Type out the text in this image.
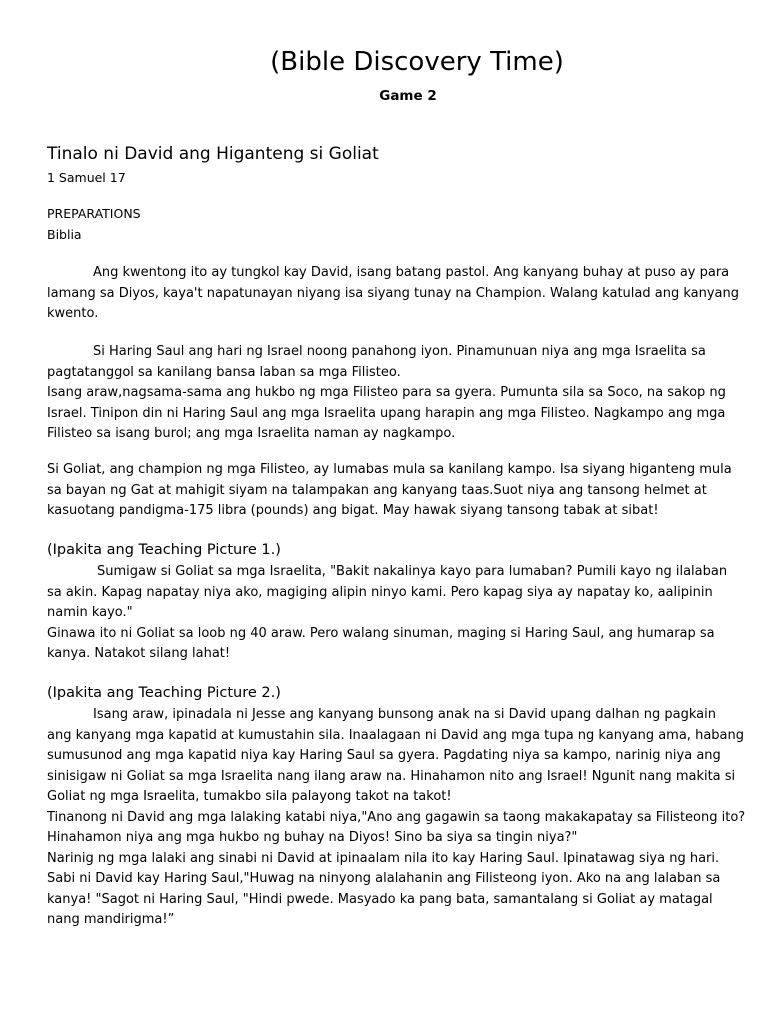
(Bible Discovery Time)
Game 2
Tinalo ni David ang Higanteng si Goliat
1 Samuel 17
PREPARATIONS
Biblia
Ang kwentong ito ay tungkol kay David, isang batang pastol. Ang kanyang buhay at puso ay para
lamang sa Diyos, kaya't napatunayan niyang isa siyang tunay na Champion. Walang katulad ang kanyang
kwento.
Si Haring Saul ang hari ng Israel noong panahong iyon. Pinamunuan niya ang mga Israelita sa
pagtatanggol sa kanilang bansa laban sa mga Filisteo.
Isang araw,nagsama-sama ang hukbo ng mga Filisteo para sa gyera. Pumunta sila sa Soco, na sakop ng
Israel. Tinipon din ni Haring Saul ang mga Israelita upang harapin ang mga Filisteo. Nagkampo ang mga
Filisteo sa isang burol; ang mga Israelita naman ay nagkampo.
Si Goliat, ang champion ng mga Filisteo, ay lumabas mula sa kanilang kampo. Isa siyang higanteng mula
sa bayan ng Gat at mahigit siyam na talampakan ang kanyang taas.Suot niya ang tansong helmet at
kasuotang pandigma-175 libra (pounds) ang bigat. May hawak siyang tansong tabak at sibat!
(Ipakita ang Teaching Picture 1.)
Sumigaw si Goliat sa mga Israelita, "Bakit nakalinya kayo para lumaban? Pumili kayo ng ilalaban
sa akin. Kapag napatay niya ako, magiging alipin ninyo kami. Pero kapag siya ay napatay ko, aalipinin
namin kayo."
Ginawa ito ni Goliat sa loob ng 40 araw. Pero walang sinuman, maging si Haring Saul, ang humarap sa
kanya. Natakot silang lahat!
(Ipakita ang Teaching Picture 2.)
Isang araw, ipinadala ni Jesse ang kanyang bunsong anak na si David upang dalhan ng pagkain
ang kanyang mga kapatid at kumustahin sila. Inaalagaan ni David ang mga tupa ng kanyang ama, habang
sumusunod ang mga kapatid niya kay Haring Saul sa gyera. Pagdating niya sa kampo, narinig niya ang
sinisigaw ni Goliat sa mga Israelita nang ilang araw na. Hinahamon nito ang Israel! Ngunit nang makita si
Goliat ng mga Israelita, tumakbo sila palayong takot na takot!
Tinanong ni David ang mga lalaking katabi niya,"Ano ang gagawin sa taong makakapatay sa Filisteong ito?
Hinahamon niya ang mga hukbo ng buhay na Diyos! Sino ba siya sa tingin niya?"
Narinig ng mga lalaki ang sinabi ni David at ipinaalam nila ito kay Haring Saul. Ipinatawag siya ng hari.
Sabi ni David kay Haring Saul,"Huwag na ninyong alalahanin ang Filisteong iyon. Ako na ang lalaban sa
kanya! "Sagot ni Haring Saul, "Hindi pwede. Masyado ka pang bata, samantalang si Goliat ay matagal
nang mandirigma!”
